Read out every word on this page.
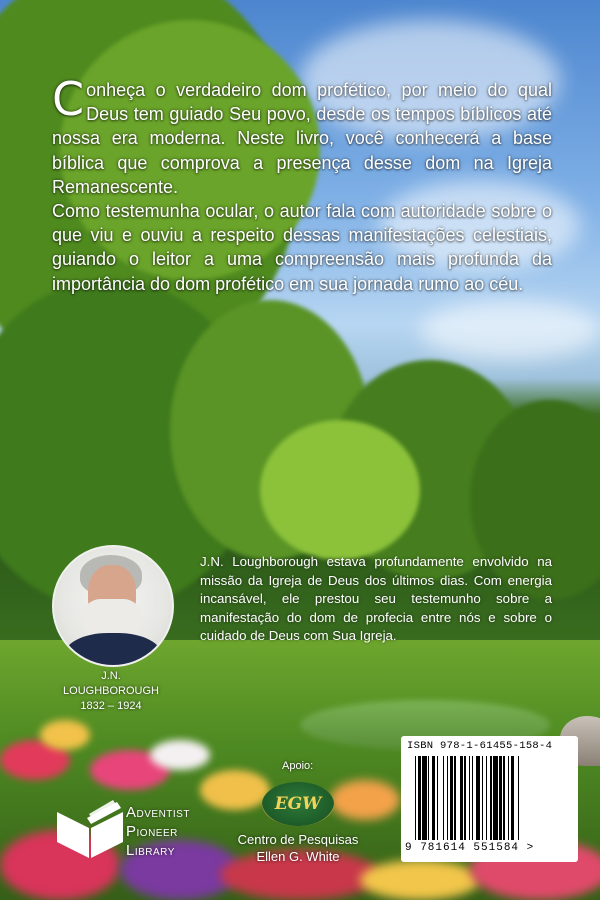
Conheça o verdadeiro dom profético, por meio do qual Deus tem guiado Seu povo, desde os tempos bíblicos até nossa era moderna. Neste livro, você conhecerá a base bíblica que comprova a presença desse dom na Igreja Remanescente.

Como testemunha ocular, o autor fala com autoridade sobre o que viu e ouviu a respeito dessas manifestações celestiais, guiando o leitor a uma compreensão mais profunda da importância do dom profético em sua jornada rumo ao céu.

J.N. LOUGHBOROUGH
1832 – 1924
J.N. Loughborough estava profundamente envolvido na missão da Igreja de Deus dos últimos dias. Com energia incansável, ele prestou seu testemunho sobre a manifestação do dom de profecia entre nós e sobre o cuidado de Deus com Sua Igreja.
ADVENTIST
PIONEER
LIBRARY
Apoio:
EGW
Centro de Pesquisas
Ellen G. White
ISBN 978-1-61455-158-4
9 781614 551584 >
